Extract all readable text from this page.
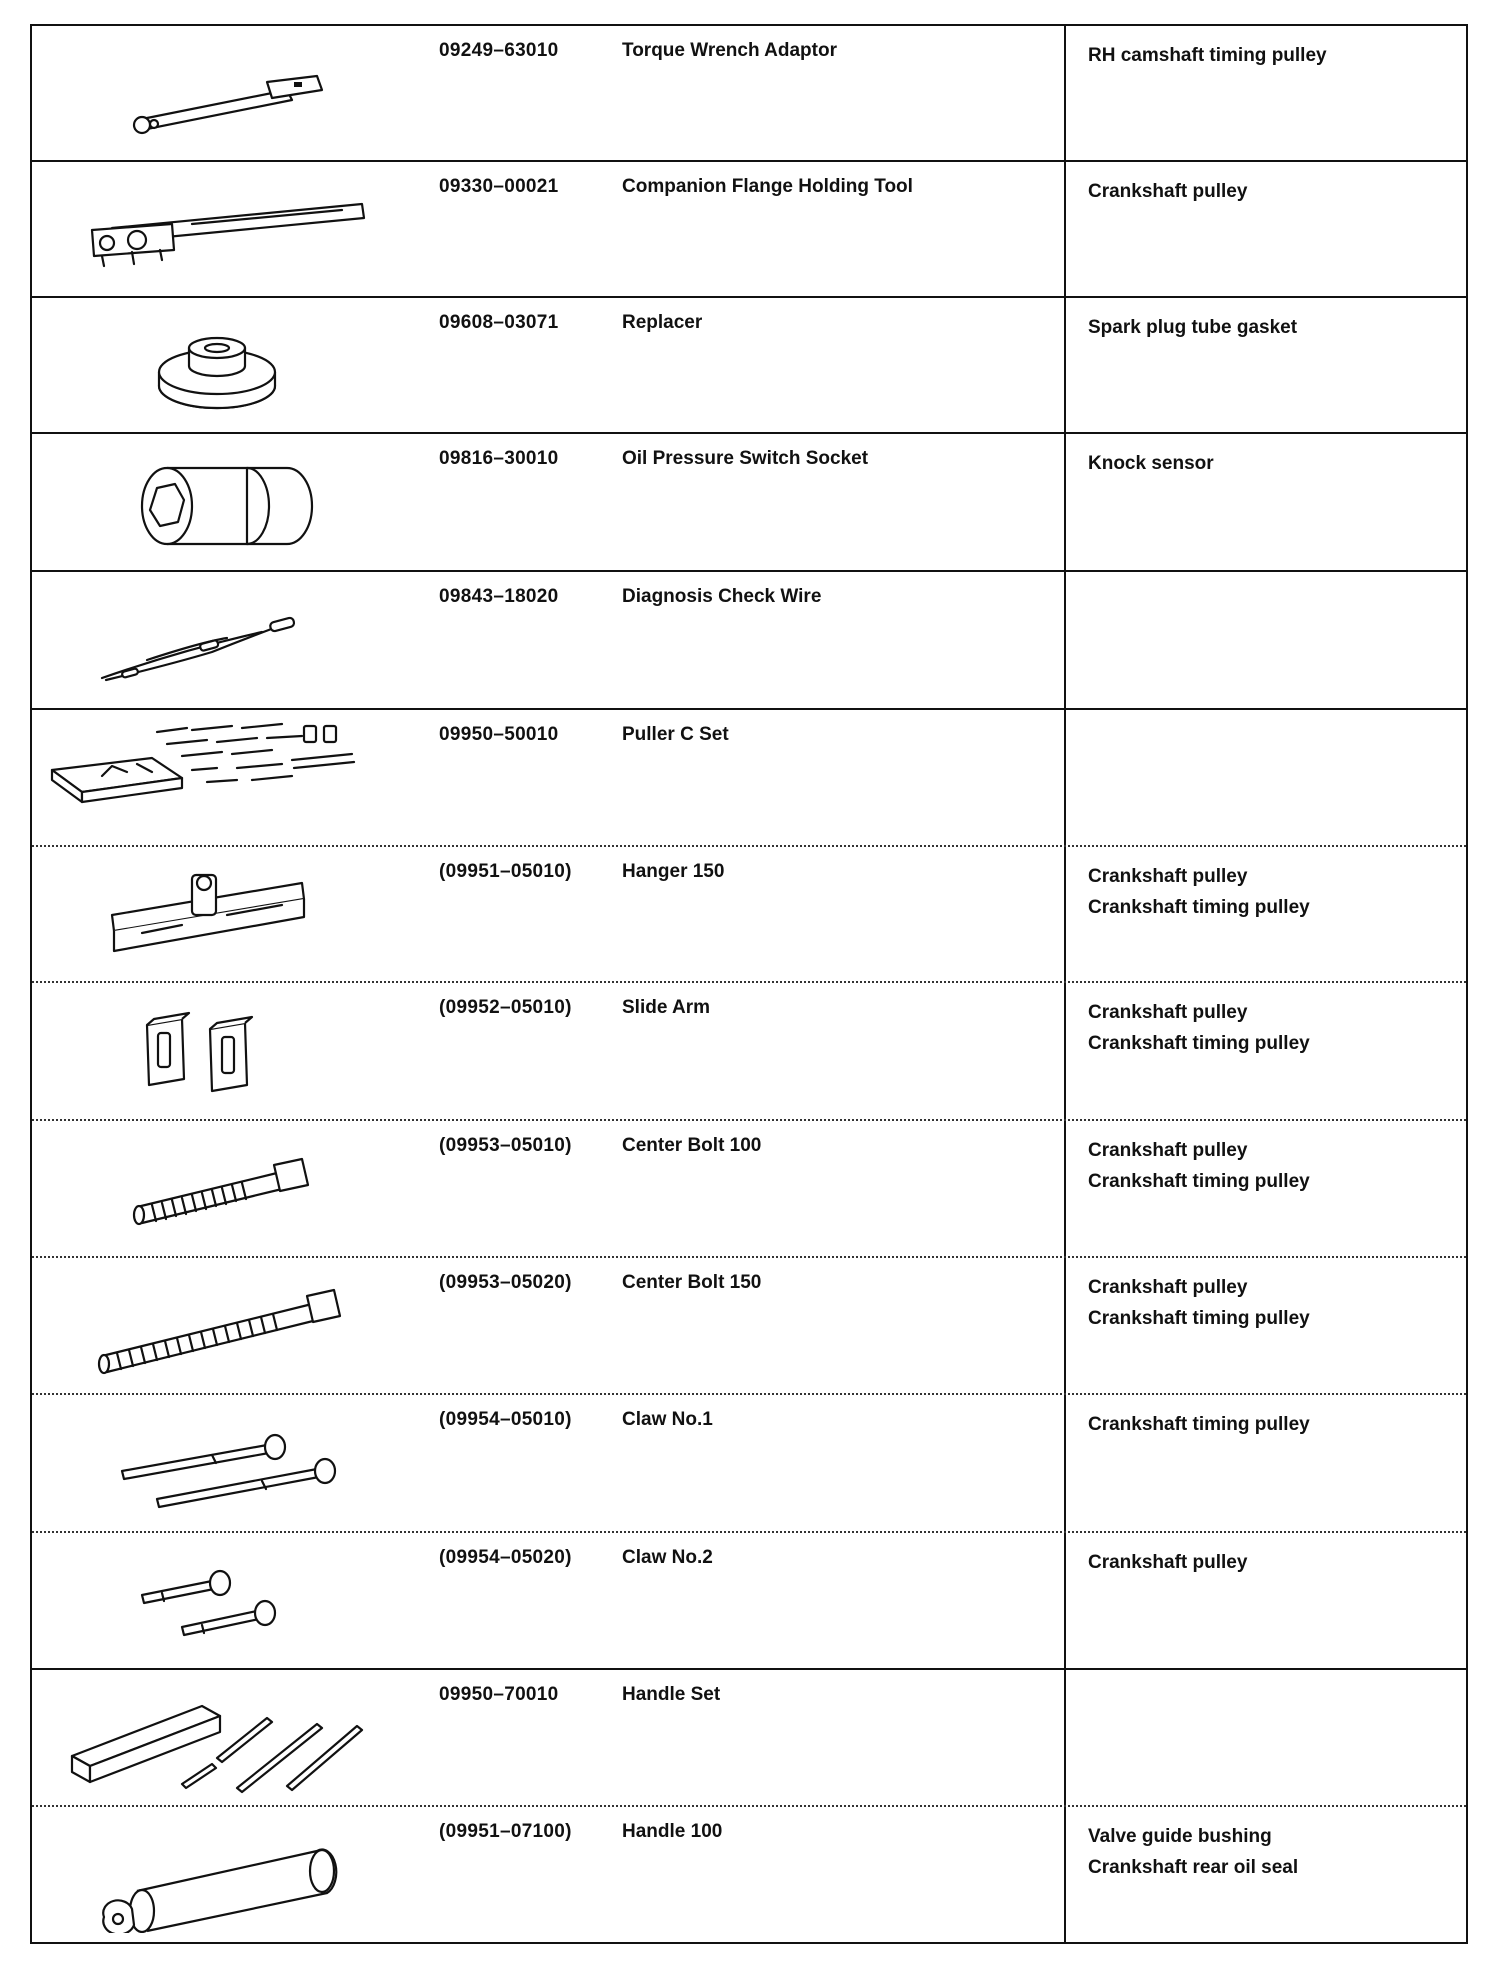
09249–63010	Torque Wrench Adaptor	RH camshaft timing pulley
09330–00021	Companion Flange Holding Tool	Crankshaft pulley
09608–03071	Replacer	Spark plug tube gasket
09816–30010	Oil Pressure Switch Socket	Knock sensor
09843–18020	Diagnosis Check Wire
09950–50010	Puller C Set
(09951–05010)	Hanger 150	Crankshaft pulley
Crankshaft timing pulley
(09952–05010)	Slide Arm	Crankshaft pulley
Crankshaft timing pulley
(09953–05010)	Center Bolt 100	Crankshaft pulley
Crankshaft timing pulley
(09953–05020)	Center Bolt 150	Crankshaft pulley
Crankshaft timing pulley
(09954–05010)	Claw No.1	Crankshaft timing pulley
(09954–05020)	Claw No.2	Crankshaft pulley
09950–70010	Handle Set
(09951–07100)	Handle 100	Valve guide bushing
Crankshaft rear oil seal
